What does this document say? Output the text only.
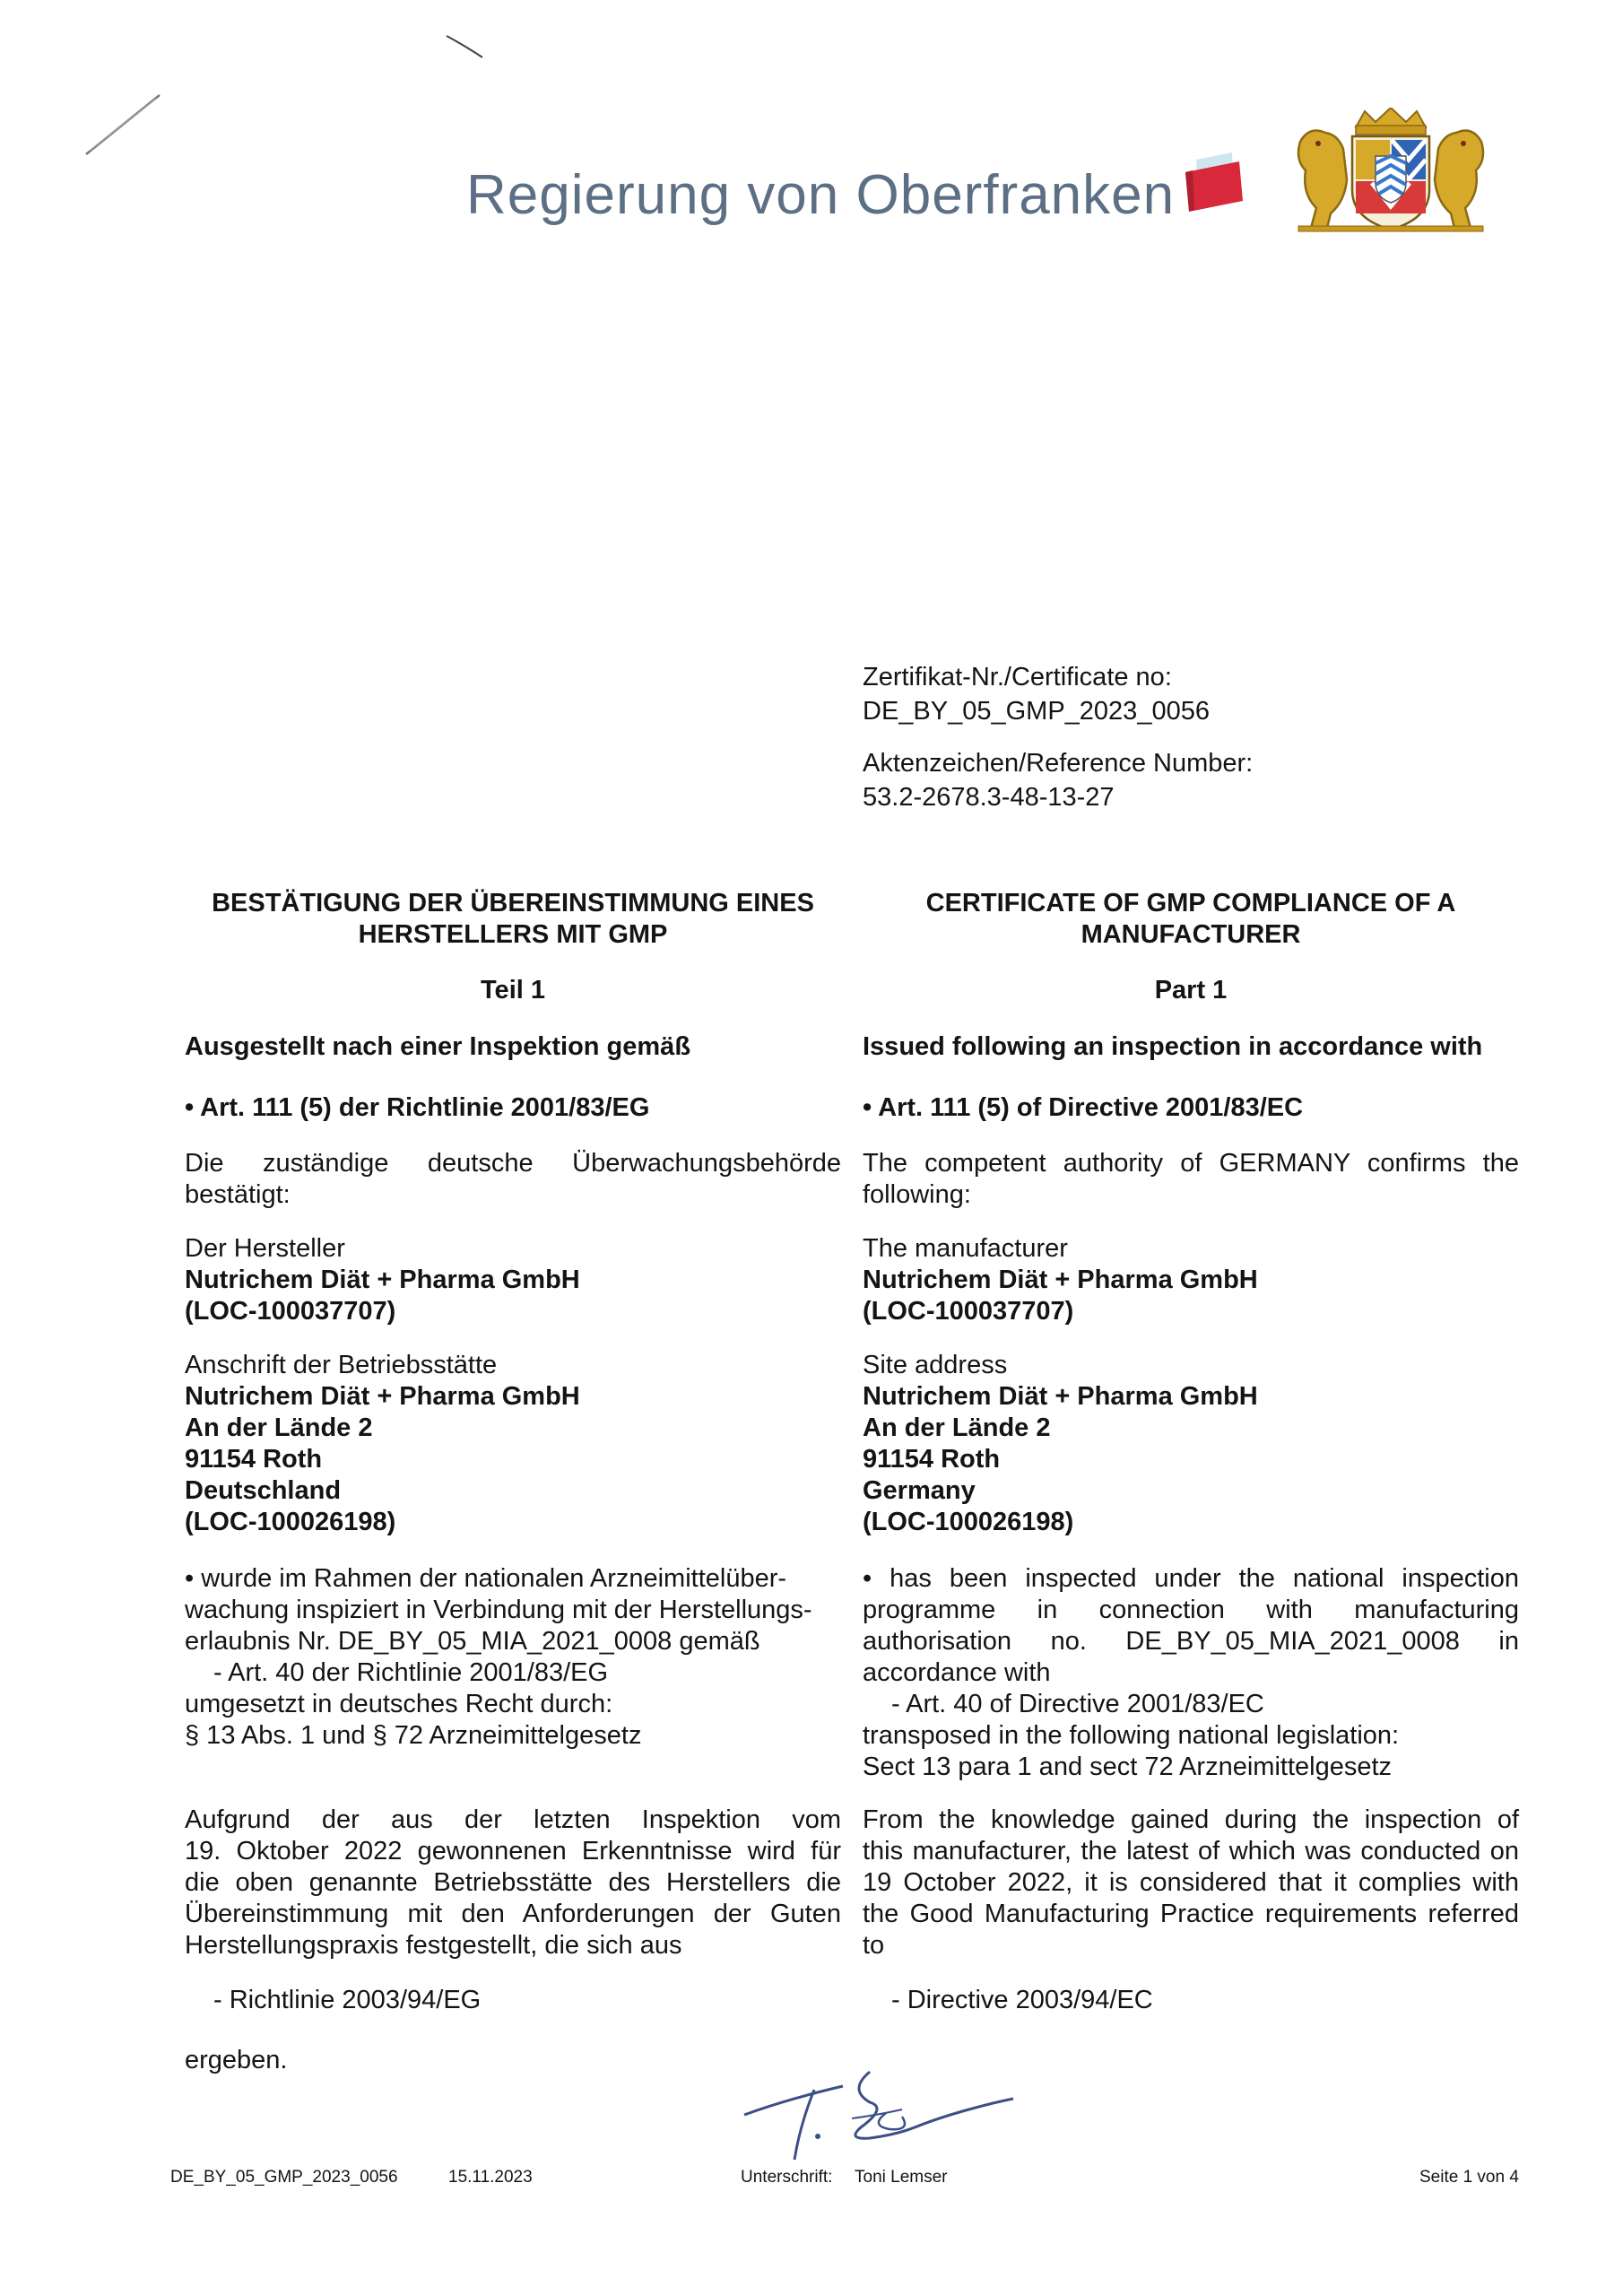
Regierung von Oberfranken
Zertifikat-Nr./Certificate no:
DE_BY_05_GMP_2023_0056
Aktenzeichen/Reference Number:
53.2-2678.3-48-13-27
BESTÄTIGUNG DER ÜBEREINSTIMMUNG EINES
HERSTELLERS MIT GMP
Teil 1
Ausgestellt nach einer Inspektion gemäß
• Art. 111 (5) der Richtlinie 2001/83/EG
Die zuständige deutsche Überwachungsbehörde
bestätigt:
Der Hersteller
Nutrichem Diät + Pharma GmbH
(LOC-100037707)
Anschrift der Betriebsstätte
Nutrichem Diät + Pharma GmbH
An der Lände 2
91154 Roth
Deutschland
(LOC-100026198)
• wurde im Rahmen der nationalen Arzneimittelüber-
wachung inspiziert in Verbindung mit der Herstellungs-
erlaubnis Nr. DE_BY_05_MIA_2021_0008 gemäß
- Art. 40 der Richtlinie 2001/83/EG
umgesetzt in deutsches Recht durch:
§ 13 Abs. 1 und § 72 Arzneimittelgesetz
Aufgrund der aus der letzten Inspektion vom
19. Oktober 2022 gewonnenen Erkenntnisse wird für
die oben genannte Betriebsstätte des Herstellers die
Übereinstimmung mit den Anforderungen der Guten
Herstellungspraxis festgestellt, die sich aus
- Richtlinie 2003/94/EG
ergeben.
CERTIFICATE OF GMP COMPLIANCE OF A
MANUFACTURER
Part 1
Issued following an inspection in accordance with
• Art. 111 (5) of Directive 2001/83/EC
The competent authority of GERMANY confirms the
following:
The manufacturer
Nutrichem Diät + Pharma GmbH
(LOC-100037707)
Site address
Nutrichem Diät + Pharma GmbH
An der Lände 2
91154 Roth
Germany
(LOC-100026198)
• has been inspected under the national inspection
programme in connection with manufacturing
authorisation no. DE_BY_05_MIA_2021_0008 in
accordance with
- Art. 40 of Directive 2001/83/EC
transposed in the following national legislation:
Sect 13 para 1 and sect 72 Arzneimittelgesetz
From the knowledge gained during the inspection of
this manufacturer, the latest of which was conducted on
19 October 2022, it is considered that it complies with
the Good Manufacturing Practice requirements referred
to
- Directive 2003/94/EC
DE_BY_05_GMP_2023_0056	15.11.2023	Unterschrift: Toni Lemser	Seite 1 von 4
